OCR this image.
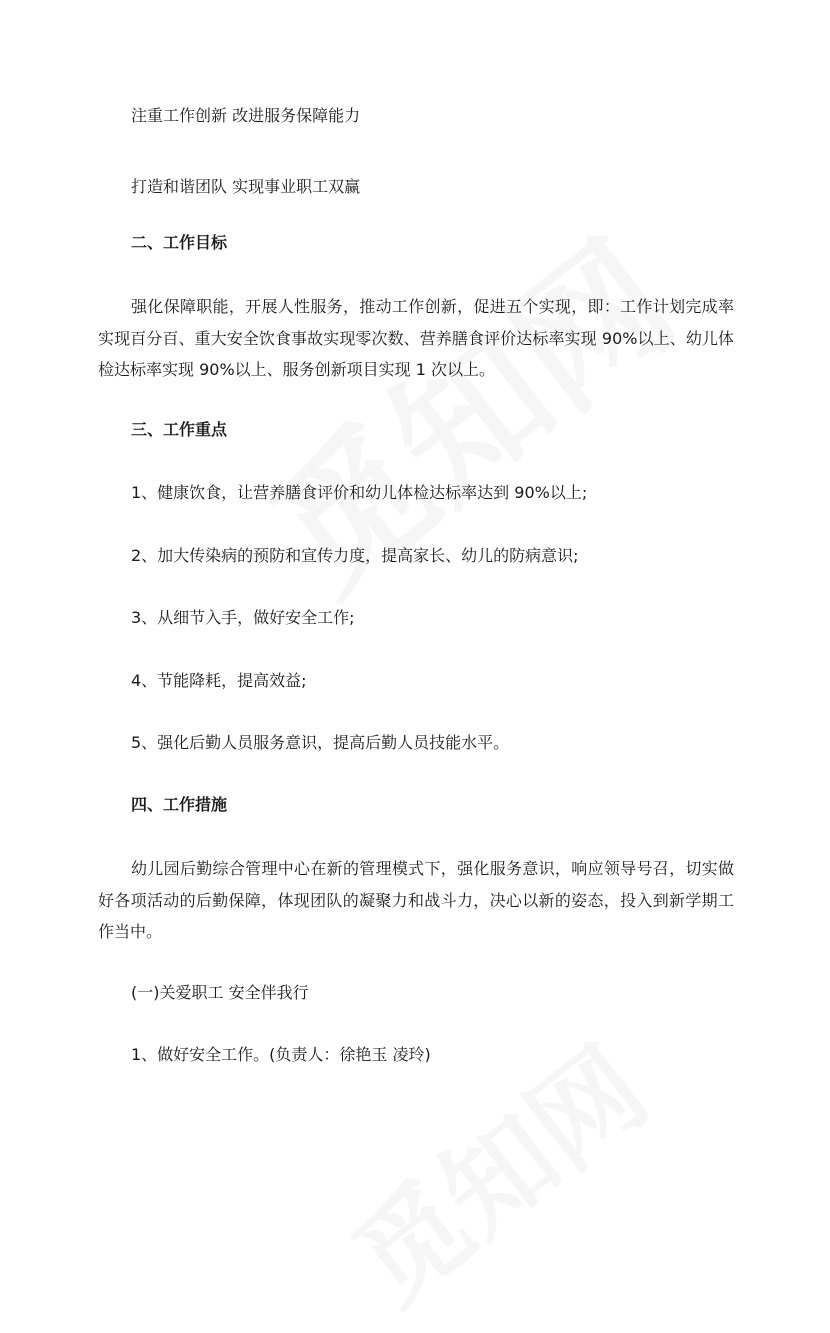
注重工作创新 改进服务保障能力
打造和谐团队 实现事业职工双赢
二、工作目标
强化保障职能，开展人性服务，推动工作创新，促进五个实现，即：工作计划完成率实现百分百、重大安全饮食事故实现零次数、营养膳食评价达标率实现 90%以上、幼儿体检达标率实现 90%以上、服务创新项目实现 1 次以上。
三、工作重点
1、健康饮食，让营养膳食评价和幼儿体检达标率达到 90%以上;
2、加大传染病的预防和宣传力度，提高家长、幼儿的防病意识;
3、从细节入手，做好安全工作;
4、节能降耗，提高效益;
5、强化后勤人员服务意识，提高后勤人员技能水平。
四、工作措施
幼儿园后勤综合管理中心在新的管理模式下，强化服务意识，响应领导号召，切实做好各项活动的后勤保障，体现团队的凝聚力和战斗力，决心以新的姿态，投入到新学期工作当中。
(一)关爱职工 安全伴我行
1、做好安全工作。(负责人：徐艳玉 凌玲)
